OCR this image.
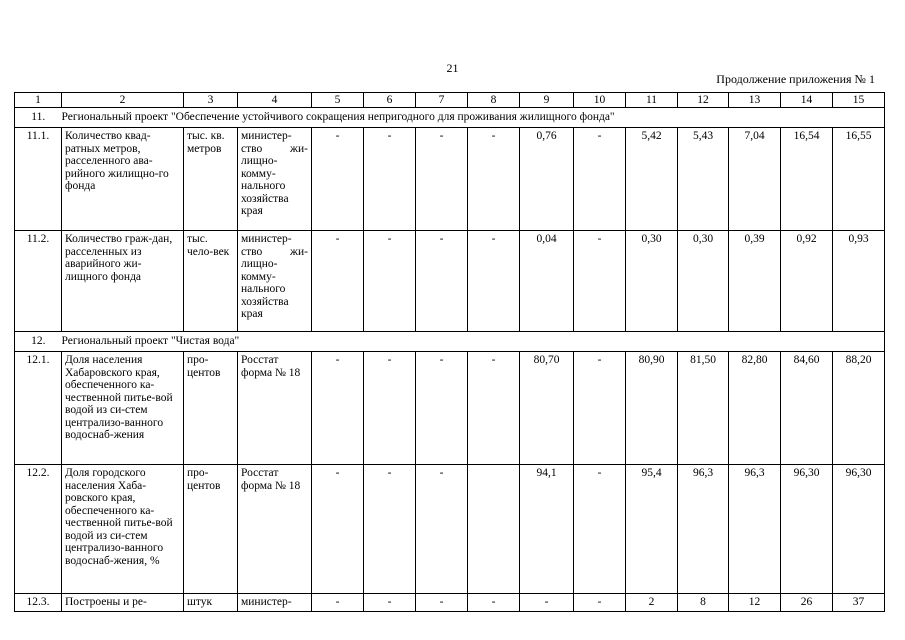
21
Продолжение приложения № 1
1	2	3	4	5	6	7	8	9	10	11	12	13	14	15
11.	Региональный проект "Обеспечение устойчивого сокращения непригодного для проживания жилищного фонда"													
11.1.	Количество квад-ратных метров, расселенного ава-рийного жилищно-го фонда	тыс. кв. метров	министер-ство жи-лищно-комму-нального хозяйства края	-	-	-	-	0,76	-	5,42	5,43	7,04	16,54	16,55
11.2.	Количество граж-дан, расселенных из аварийного жи-лищного фонда	тыс. чело-век	министер-ство жи-лищно-комму-нального хозяйства края	-	-	-	-	0,04	-	0,30	0,30	0,39	0,92	0,93
12.	Региональный проект "Чистая вода"													
12.1.	Доля населения Хабаровского края, обеспеченного ка-чественной питье-вой водой из си-стем централизо-ванного водоснаб-жения	про-центов	Росстат форма № 18	-	-	-	-	80,70	-	80,90	81,50	82,80	84,60	88,20
12.2.	Доля городского населения Хаба-ровского края, обеспеченного ка-чественной питье-вой водой из си-стем централизо-ванного водоснаб-жения, %	про-центов	Росстат форма № 18	-	-	-		94,1	-	95,4	96,3	96,3	96,30	96,30
12.3.	Построены и ре-	штук	министер-	-	-	-	-	-	-	2	8	12	26	37
